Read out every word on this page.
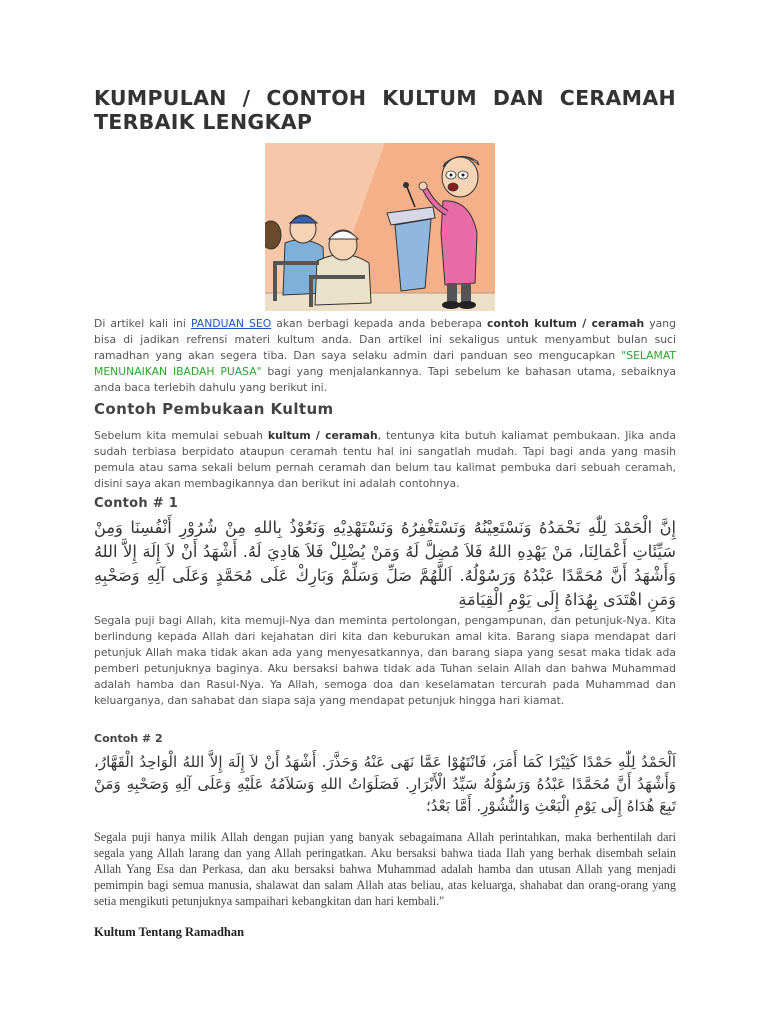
KUMPULAN / CONTOH KULTUM DAN CERAMAH TERBAIK LENGKAP

Di artikel kali ini PANDUAN SEO akan berbagi kepada anda beberapa contoh kultum / ceramah yang bisa di jadikan refrensi materi kultum anda. Dan artikel ini sekaligus untuk menyambut bulan suci ramadhan yang akan segera tiba. Dan saya selaku admin dari panduan seo mengucapkan "SELAMAT MENUNAIKAN IBADAH PUASA" bagi yang menjalankannya. Tapi sebelum ke bahasan utama, sebaiknya anda baca terlebih dahulu yang berikut ini.

Contoh Pembukaan Kultum

Sebelum kita memulai sebuah kultum / ceramah, tentunya kita butuh kaliamat pembukaan. Jika anda sudah terbiasa berpidato ataupun ceramah tentu hal ini sangatlah mudah. Tapi bagi anda yang masih pemula atau sama sekali belum pernah ceramah dan belum tau kalimat pembuka dari sebuah ceramah, disini saya akan membagikannya dan berikut ini adalah contohnya.

Contoh # 1

إِنَّ الْحَمْدَ لِلّٰهِ نَحْمَدُهُ وَنَسْتَعِيْنُهُ وَنَسْتَغْفِرُهُ وَنَسْتَهْدِيْهِ وَنَعُوْذُ بِاللهِ مِنْ شُرُوْرِ أَنْفُسِنَا وَمِنْ سَيِّئَاتِ أَعْمَالِنَا، مَنْ يَهْدِهِ اللهُ فَلاَ مُضِلَّ لَهُ وَمَنْ يُضْلِلْ فَلاَ هَادِيَ لَهُ. أَشْهَدُ أَنْ لاَ إِلَهَ إِلاَّ اللهُ وَأَشْهَدُ أَنَّ مُحَمَّدًا عَبْدُهُ وَرَسُوْلُهُ. اَللَّهُمَّ صَلِّ وَسَلِّمْ وَبَارِكْ عَلَى مُحَمَّدٍ وَعَلَى آلِهِ وَصَحْبِهِ وَمَنِ اهْتَدَى بِهُدَاهُ إِلَى يَوْمِ الْقِيَامَةِ

Segala puji bagi Allah, kita memuji-Nya dan meminta pertolongan, pengampunan, dan petunjuk-Nya. Kita berlindung kepada Allah dari kejahatan diri kita dan keburukan amal kita. Barang siapa mendapat dari petunjuk Allah maka tidak akan ada yang menyesatkannya, dan barang siapa yang sesat maka tidak ada pemberi petunjuknya baginya. Aku bersaksi bahwa tidak ada Tuhan selain Allah dan bahwa Muhammad adalah hamba dan Rasul-Nya. Ya Allah, semoga doa dan keselamatan tercurah pada Muhammad dan keluarganya, dan sahabat dan siapa saja yang mendapat petunjuk hingga hari kiamat.

Contoh # 2

اَلْحَمْدُ لِلّٰهِ حَمْدًا كَثِيْرًا كَمَا أَمَرَ، فَانْتَهُوْا عَمَّا نَهَى عَنْهُ وَحَذَّرَ. أَشْهَدُ أَنْ لاَ إِلَهَ إِلاَّ اللهُ الْوَاحِدُ الْقَهَّارُ، وَأَشْهَدُ أَنَّ مُحَمَّدًا عَبْدُهُ وَرَسُوْلُهُ سَيِّدُ الْأَبْرَارِ. فَصَلَوَاتُ اللهِ وَسَلاَمُهُ عَلَيْهِ وَعَلَى آلِهِ وَصَحْبِهِ وَمَنْ تَبِعَ هُدَاهُ إِلَى يَوْمِ الْبَعْثِ وَالنُّشُوْرِ. أَمَّا بَعْدُ؛

Segala puji hanya milik Allah dengan pujian yang banyak sebagaimana Allah perintahkan, maka berhentilah dari segala yang Allah larang dan yang Allah peringatkan. Aku bersaksi bahwa tiada Ilah yang berhak disembah selain Allah Yang Esa dan Perkasa, dan aku bersaksi bahwa Muhammad adalah hamba dan utusan Allah yang menjadi pemimpin bagi semua manusia, shalawat dan salam Allah atas beliau, atas keluarga, shahabat dan orang-orang yang setia mengikuti petunjuknya sampaihari kebangkitan dan hari kembali."

Kultum Tentang Ramadhan
